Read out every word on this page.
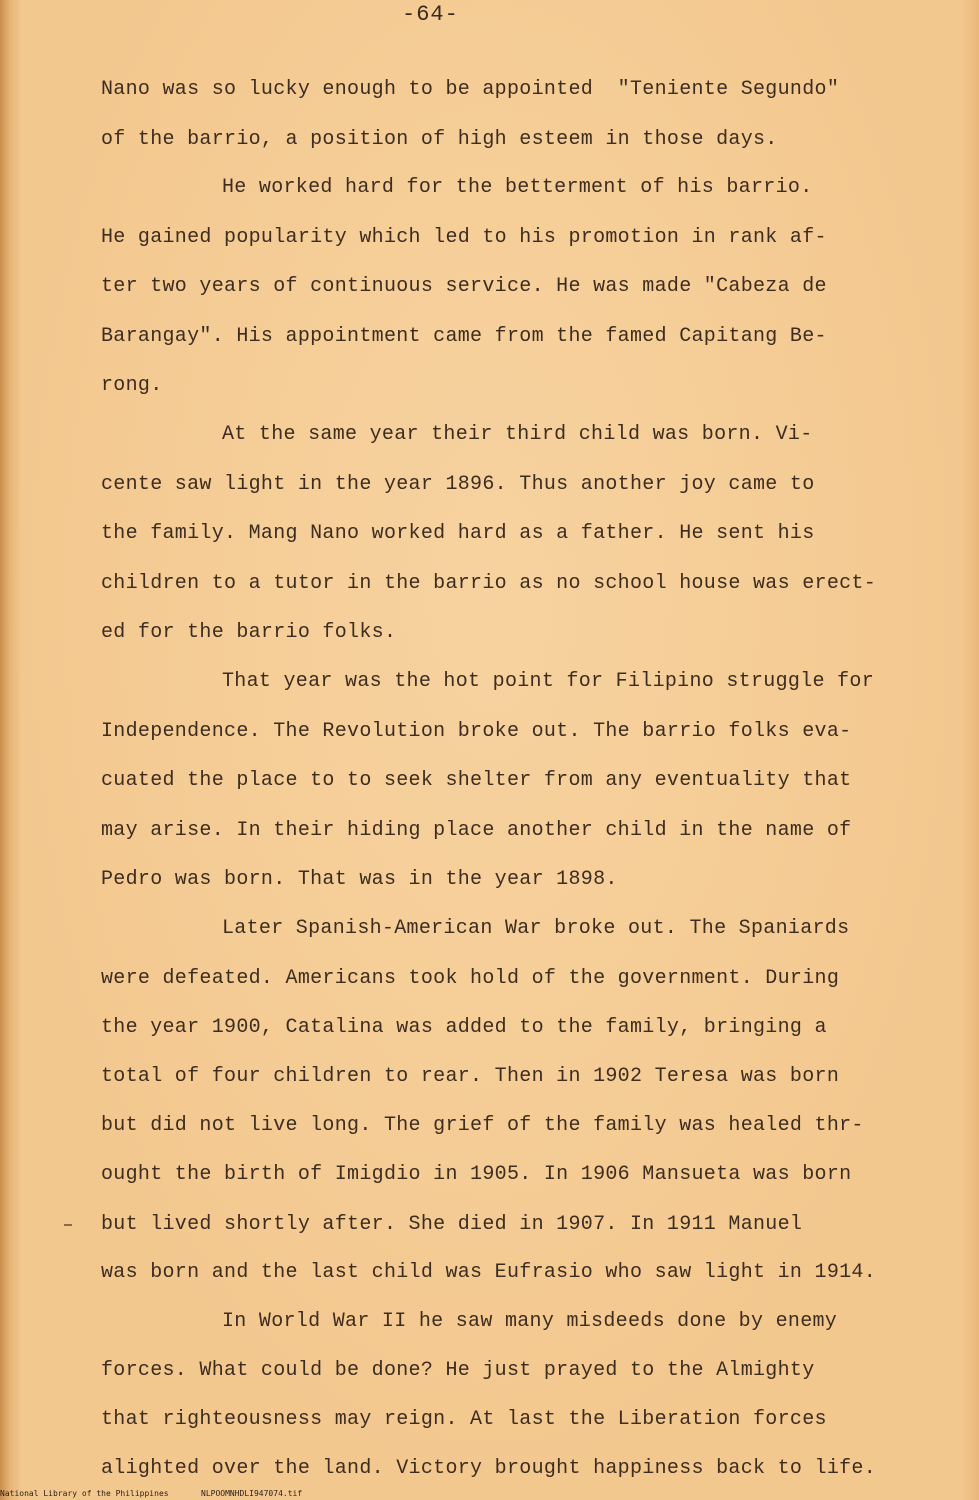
-64-
Nano was so lucky enough to be appointed  "Teniente Segundo"
of the barrio, a position of high esteem in those days.
He worked hard for the betterment of his barrio.
He gained popularity which led to his promotion in rank af-
ter two years of continuous service. He was made "Cabeza de
Barangay". His appointment came from the famed Capitang Be-
rong.
At the same year their third child was born. Vi-
cente saw light in the year 1896. Thus another joy came to
the family. Mang Nano worked hard as a father. He sent his
children to a tutor in the barrio as no school house was erect-
ed for the barrio folks.
That year was the hot point for Filipino struggle for
Independence. The Revolution broke out. The barrio folks eva-
cuated the place to to seek shelter from any eventuality that
may arise. In their hiding place another child in the name of
Pedro was born. That was in the year 1898.
Later Spanish-American War broke out. The Spaniards
were defeated. Americans took hold of the government. During
the year 1900, Catalina was added to the family, bringing a
total of four children to rear. Then in 1902 Teresa was born
but did not live long. The grief of the family was healed thr-
ought the birth of Imigdio in 1905. In 1906 Mansueta was born
but lived shortly after. She died in 1907. In 1911 Manuel
was born and the last child was Eufrasio who saw light in 1914.
In World War II he saw many misdeeds done by enemy
forces. What could be done? He just prayed to the Almighty
that righteousness may reign. At last the Liberation forces
alighted over the land. Victory brought happiness back to life.
National Library of the Philippines	NLPOOMNHDLI947074.tif
